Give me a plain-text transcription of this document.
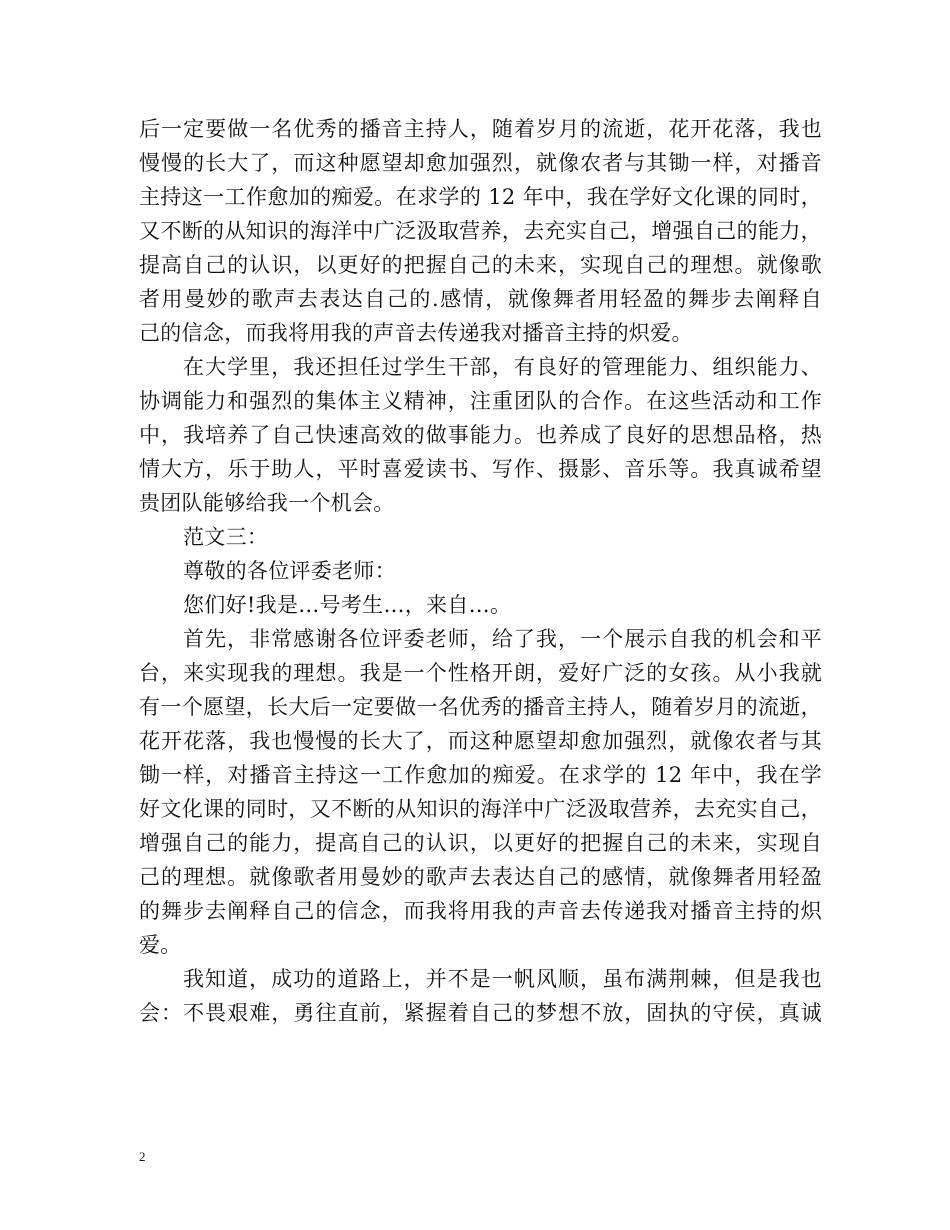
后一定要做一名优秀的播音主持人，随着岁月的流逝，花开花落，我也
慢慢的长大了，而这种愿望却愈加强烈，就像农者与其锄一样，对播音
主持这一工作愈加的痴爱。在求学的 12 年中，我在学好文化课的同时，
又不断的从知识的海洋中广泛汲取营养，去充实自己，增强自己的能力，
提高自己的认识，以更好的把握自己的未来，实现自己的理想。就像歌
者用曼妙的歌声去表达自己的.感情，就像舞者用轻盈的舞步去阐释自
己的信念，而我将用我的声音去传递我对播音主持的炽爱。
在大学里，我还担任过学生干部，有良好的管理能力、组织能力、
协调能力和强烈的集体主义精神，注重团队的合作。在这些活动和工作
中，我培养了自己快速高效的做事能力。也养成了良好的思想品格，热
情大方，乐于助人，平时喜爱读书、写作、摄影、音乐等。我真诚希望
贵团队能够给我一个机会。
范文三：
尊敬的各位评委老师：
您们好!我是…号考生…，来自…。
首先，非常感谢各位评委老师，给了我，一个展示自我的机会和平
台，来实现我的理想。我是一个性格开朗，爱好广泛的女孩。从小我就
有一个愿望，长大后一定要做一名优秀的播音主持人，随着岁月的流逝，
花开花落，我也慢慢的长大了，而这种愿望却愈加强烈，就像农者与其
锄一样，对播音主持这一工作愈加的痴爱。在求学的 12 年中，我在学
好文化课的同时，又不断的从知识的海洋中广泛汲取营养，去充实自己，
增强自己的能力，提高自己的认识，以更好的把握自己的未来，实现自
己的理想。就像歌者用曼妙的歌声去表达自己的感情，就像舞者用轻盈
的舞步去阐释自己的信念，而我将用我的声音去传递我对播音主持的炽
爱。
我知道，成功的道路上，并不是一帆风顺，虽布满荆棘，但是我也
会：不畏艰难，勇往直前，紧握着自己的梦想不放，固执的守侯，真诚
2
